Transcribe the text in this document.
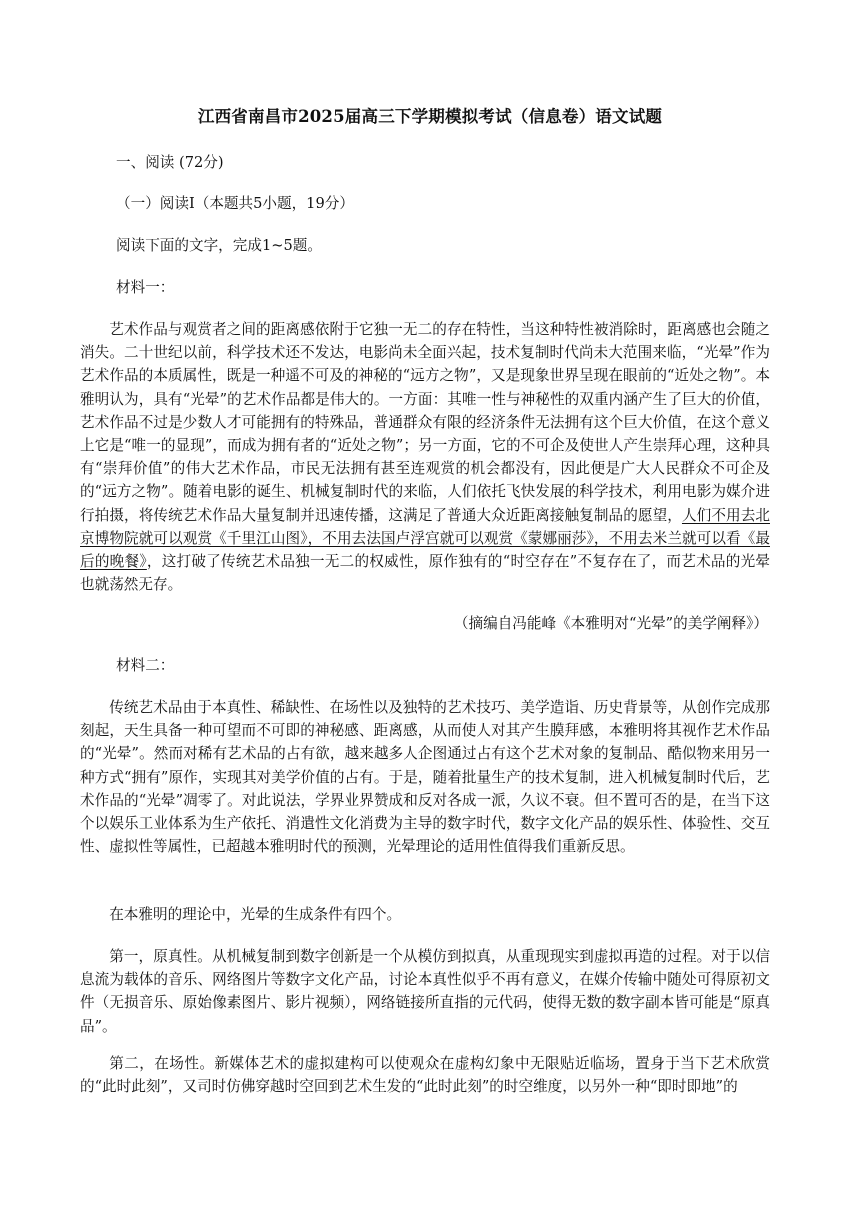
江西省南昌市2025届高三下学期模拟考试（信息卷）语文试题
一、阅读 (72分)
（一）阅读Ⅰ（本题共5小题，19分）
阅读下面的文字，完成1~5题。
材料一：
艺术作品与观赏者之间的距离感依附于它独一无二的存在特性，当这种特性被消除时，距离感也会随之消失。二十世纪以前，科学技术还不发达，电影尚未全面兴起，技术复制时代尚未大范围来临，“光晕”作为艺术作品的本质属性，既是一种遥不可及的神秘的“远方之物”，又是现象世界呈现在眼前的“近处之物”。本雅明认为，具有“光晕”的艺术作品都是伟大的。一方面：其唯一性与神秘性的双重内涵产生了巨大的价值，艺术作品不过是少数人才可能拥有的特殊品，普通群众有限的经济条件无法拥有这个巨大价值，在这个意义上它是“唯一的显现”，而成为拥有者的“近处之物”；另一方面，它的不可企及使世人产生崇拜心理，这种具有“崇拜价值”的伟大艺术作品，市民无法拥有甚至连观赏的机会都没有，因此便是广大人民群众不可企及的“远方之物”。随着电影的诞生、机械复制时代的来临，人们依托飞快发展的科学技术，利用电影为媒介进行拍摄，将传统艺术作品大量复制并迅速传播，这满足了普通大众近距离接触复制品的愿望，人们不用去北京博物院就可以观赏《千里江山图》，不用去法国卢浮宫就可以观赏《蒙娜丽莎》，不用去米兰就可以看《最后的晚餐》，这打破了传统艺术品独一无二的权威性，原作独有的“时空存在”不复存在了，而艺术品的光晕也就荡然无存。
（摘编自冯能峰《本雅明对“光晕”的美学阐释》）
材料二：
传统艺术品由于本真性、稀缺性、在场性以及独特的艺术技巧、美学造诣、历史背景等，从创作完成那刻起，天生具备一种可望而不可即的神秘感、距离感，从而使人对其产生膜拜感，本雅明将其视作艺术作品的“光晕”。然而对稀有艺术品的占有欲，越来越多人企图通过占有这个艺术对象的复制品、酷似物来用另一种方式“拥有”原作，实现其对美学价值的占有。于是，随着批量生产的技术复制，进入机械复制时代后，艺术作品的“光晕”凋零了。对此说法，学界业界赞成和反对各成一派，久议不衰。但不置可否的是，在当下这个以娱乐工业体系为生产依托、消遣性文化消费为主导的数字时代，数字文化产品的娱乐性、体验性、交互性、虚拟性等属性，已超越本雅明时代的预测，光晕理论的适用性值得我们重新反思。
在本雅明的理论中，光晕的生成条件有四个。
第一，原真性。从机械复制到数字创新是一个从模仿到拟真，从重现现实到虚拟再造的过程。对于以信息流为载体的音乐、网络图片等数字文化产品，讨论本真性似乎不再有意义，在媒介传输中随处可得原初文件（无损音乐、原始像素图片、影片视频），网络链接所直指的元代码，使得无数的数字副本皆可能是“原真品”。
第二，在场性。新媒体艺术的虚拟建构可以使观众在虚构幻象中无限贴近临场，置身于当下艺术欣赏的“此时此刻”，又司时仿佛穿越时空回到艺术生发的“此时此刻”的时空维度，以另外一种“即时即地”的
